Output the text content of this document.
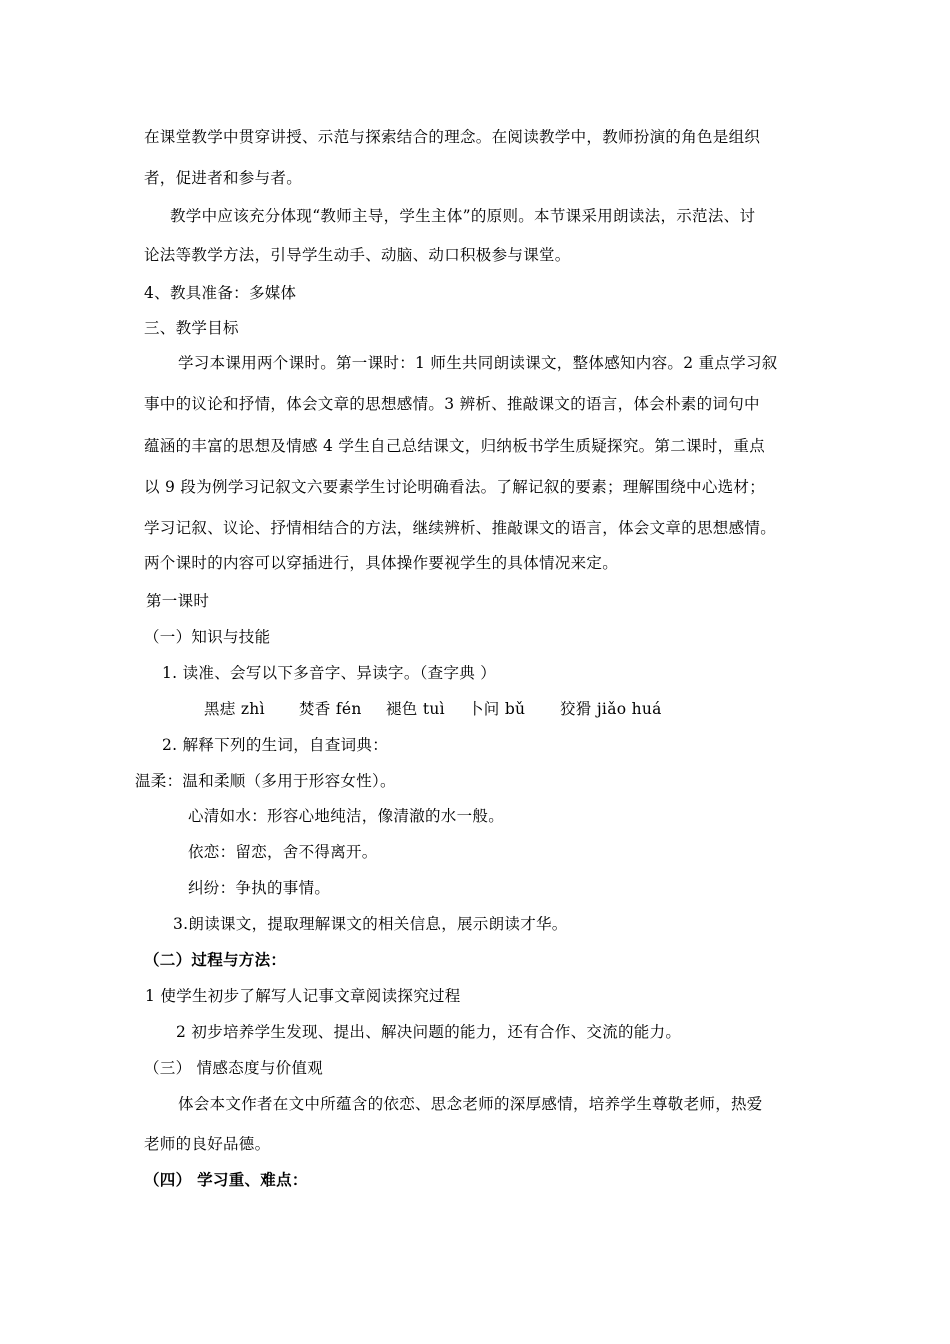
在课堂教学中贯穿讲授、示范与探索结合的理念。在阅读教学中，教师扮演的角色是组织
者，促进者和参与者。
教学中应该充分体现“教师主导，学生主体”的原则。本节课采用朗读法，示范法、讨
论法等教学方法，引导学生动手、动脑、动口积极参与课堂。
4、教具准备：多媒体
三、教学目标
学习本课用两个课时。第一课时：1 师生共同朗读课文，整体感知内容。2 重点学习叙
事中的议论和抒情，体会文章的思想感情。3 辨析、推敲课文的语言，体会朴素的词句中
蕴涵的丰富的思想及情感 4 学生自己总结课文，归纳板书学生质疑探究。第二课时，重点
以 9 段为例学习记叙文六要素学生讨论明确看法。了解记叙的要素；理解围绕中心选材；
学习记叙、议论、抒情相结合的方法，继续辨析、推敲课文的语言，体会文章的思想感情。
两个课时的内容可以穿插进行，具体操作要视学生的具体情况来定。
第一课时
（一）知识与技能
1. 读准、会写以下多音字、异读字。（查字典 ）
黑痣 zhì 焚香 fén 褪色 tuì 卜问 bǔ 狡猾 jiǎo huá
2. 解释下列的生词，自查词典：
温柔：温和柔顺（多用于形容女性）。
心清如水：形容心地纯洁，像清澈的水一般。
依恋：留恋，舍不得离开。
纠纷：争执的事情。
3.朗读课文，提取理解课文的相关信息，展示朗读才华。
（二）过程与方法：
1 使学生初步了解写人记事文章阅读探究过程
2 初步培养学生发现、提出、解决问题的能力，还有合作、交流的能力。
（三） 情感态度与价值观
体会本文作者在文中所蕴含的依恋、思念老师的深厚感情，培养学生尊敬老师，热爱
老师的良好品德。
（四） 学习重、难点：
